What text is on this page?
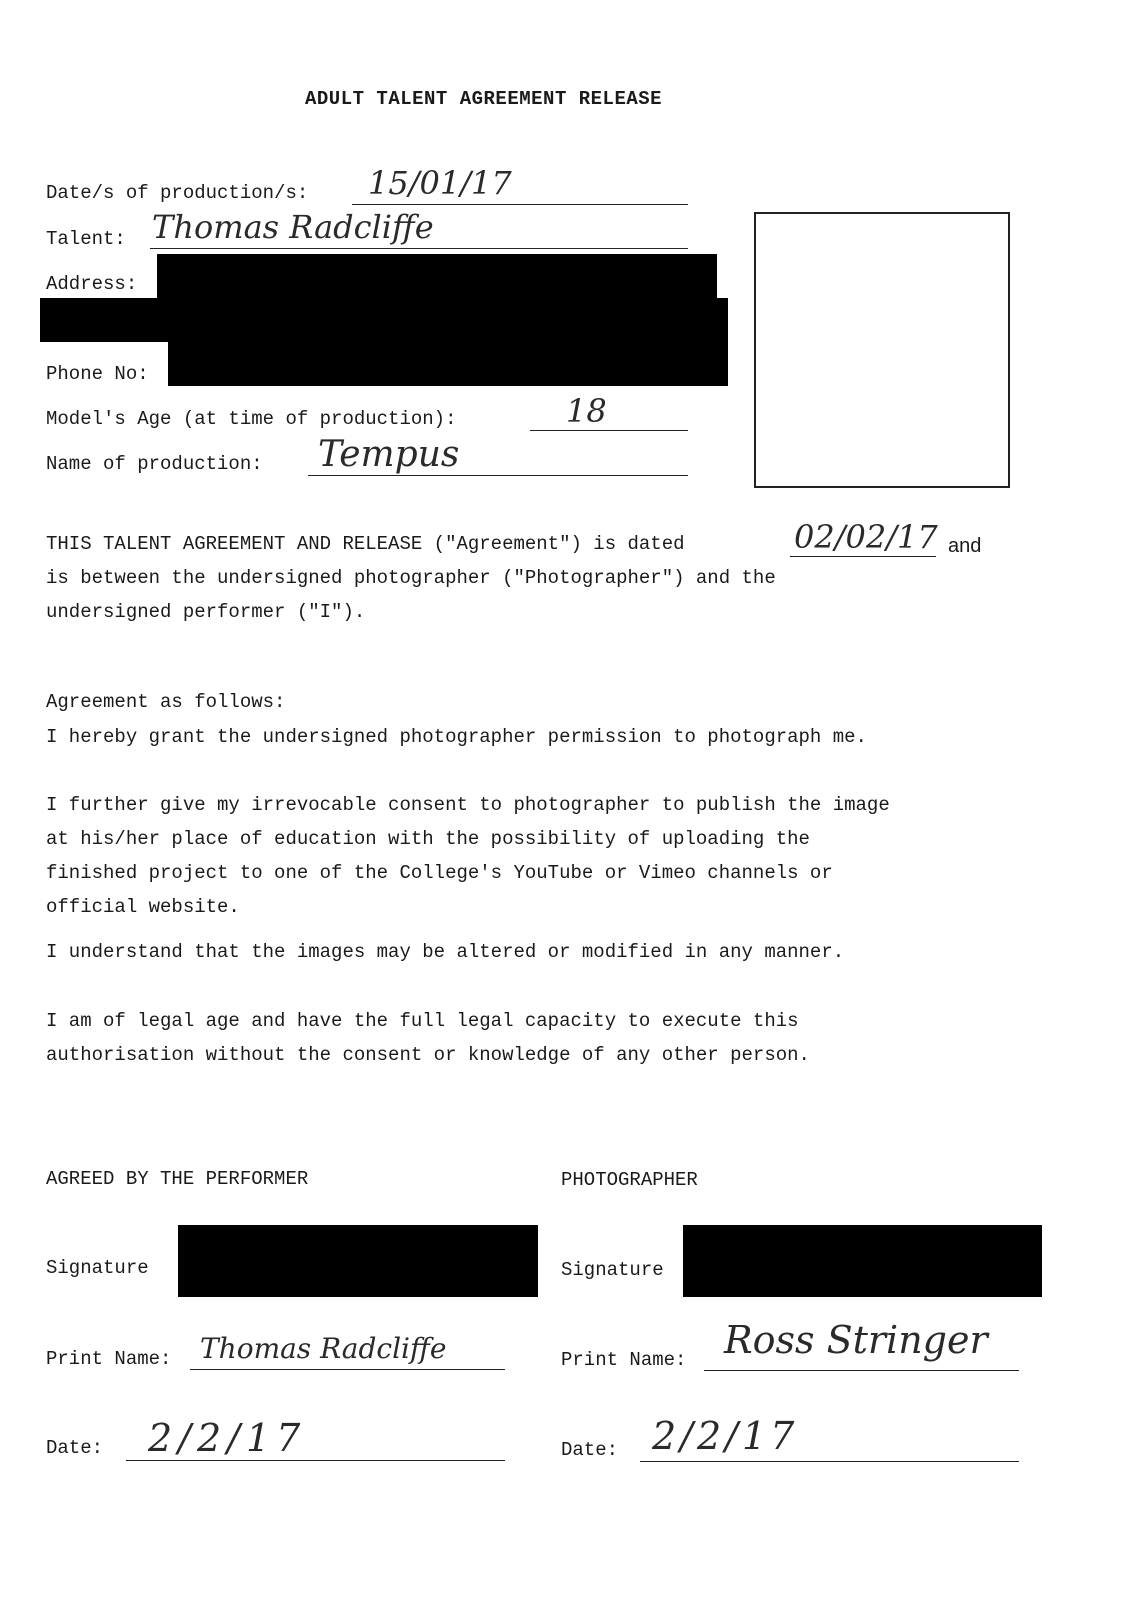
ADULT TALENT AGREEMENT RELEASE
Date/s of production/s: 15/01/17
Talent: Thomas Radcliffe
Address:
Phone No:
Model's Age (at time of production):	18
Name of production: Tempus
THIS TALENT AGREEMENT AND RELEASE ("Agreement") is dated	02/02/17 and
is between the undersigned photographer ("Photographer") and the
undersigned performer ("I").
Agreement as follows:
I hereby grant the undersigned photographer permission to photograph me.
I further give my irrevocable consent to photographer to publish the image
at his/her place of education with the possibility of uploading the
finished project to one of the College's YouTube or Vimeo channels or
official website.
I understand that the images may be altered or modified in any manner.
I am of legal age and have the full legal capacity to execute this
authorisation without the consent or knowledge of any other person.
AGREED BY THE PERFORMER
Signature
Print Name: Thomas Radcliffe
Date: 2/2/17
PHOTOGRAPHER
Signature
Print Name: Ross Stringer
Date: 2/2/17
